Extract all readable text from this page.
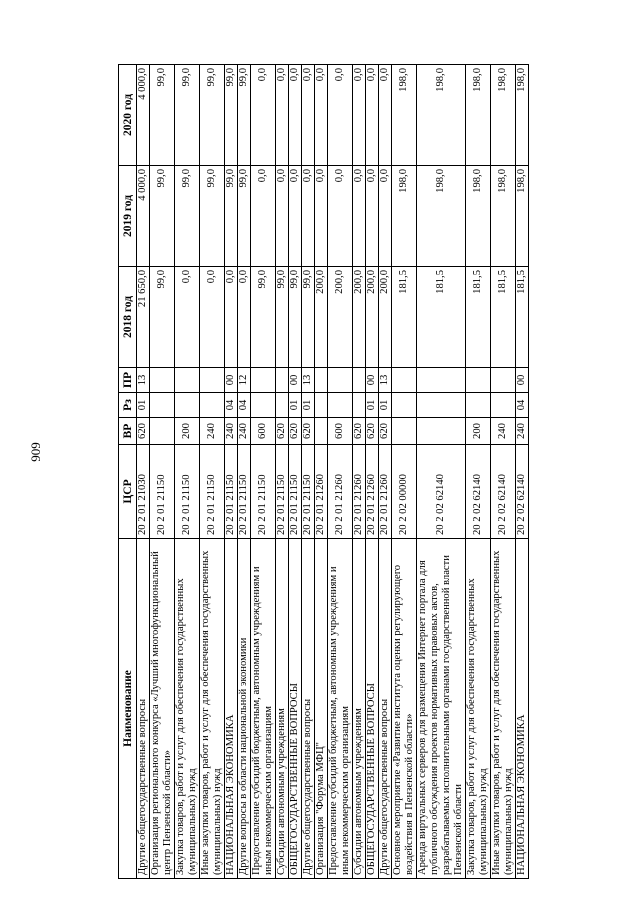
909
Наименование	ЦСР	ВР	Рз	ПР	2018 год	2019 год	2020 год
Другие общегосударственные вопросы	20 2 01 21030	620	01	13	21 650,0	4 000,0	4 000,0
Организация регионального конкурса «Лучший многофункциональный центр Пензенской области»	20 2 01 21150				99,0	99,0	99,0
Закупка товаров, работ и услуг для обеспечения государственных (муниципальных) нужд	20 2 01 21150	200			0,0	99,0	99,0
Иные закупки товаров, работ и услуг для обеспечения государственных (муниципальных) нужд	20 2 01 21150	240			0,0	99,0	99,0
НАЦИОНАЛЬНАЯ ЭКОНОМИКА	20 2 01 21150	240	04	00	0,0	99,0	99,0
Другие вопросы в области национальной экономики	20 2 01 21150	240	04	12	0,0	99,0	99,0
Предоставление субсидий бюджетным, автономным учреждениям и иным некоммерческим организациям	20 2 01 21150	600			99,0	0,0	0,0
Субсидии автономным учреждениям	20 2 01 21150	620			99,0	0,0	0,0
ОБЩЕГОСУДАРСТВЕННЫЕ ВОПРОСЫ	20 2 01 21150	620	01	00	99,0	0,0	0,0
Другие общегосударственные вопросы	20 2 01 21150	620	01	13	99,0	0,0	0,0
Организация "Форума МФЦ"	20 2 01 21260				200,0	0,0	0,0
Предоставление субсидий бюджетным, автономным учреждениям и иным некоммерческим организациям	20 2 01 21260	600			200,0	0,0	0,0
Субсидии автономным учреждениям	20 2 01 21260	620			200,0	0,0	0,0
ОБЩЕГОСУДАРСТВЕННЫЕ ВОПРОСЫ	20 2 01 21260	620	01	00	200,0	0,0	0,0
Другие общегосударственные вопросы	20 2 01 21260	620	01	13	200,0	0,0	0,0
Основное мероприятие «Развитие института оценки регулирующего воздействия в Пензенской области»	20 2 02 00000				181,5	198,0	198,0
Аренда виртуальных серверов для размещения Интернет портала для публичного обсуждения проектов нормативных правовых актов, разрабатываемых исполнительными органами государственной власти Пензенской области	20 2 02 62140				181,5	198,0	198,0
Закупка товаров, работ и услуг для обеспечения государственных (муниципальных) нужд	20 2 02 62140	200			181,5	198,0	198,0
Иные закупки товаров, работ и услуг для обеспечения государственных (муниципальных) нужд	20 2 02 62140	240			181,5	198,0	198,0
НАЦИОНАЛЬНАЯ ЭКОНОМИКА	20 2 02 62140	240	04	00	181,5	198,0	198,0
